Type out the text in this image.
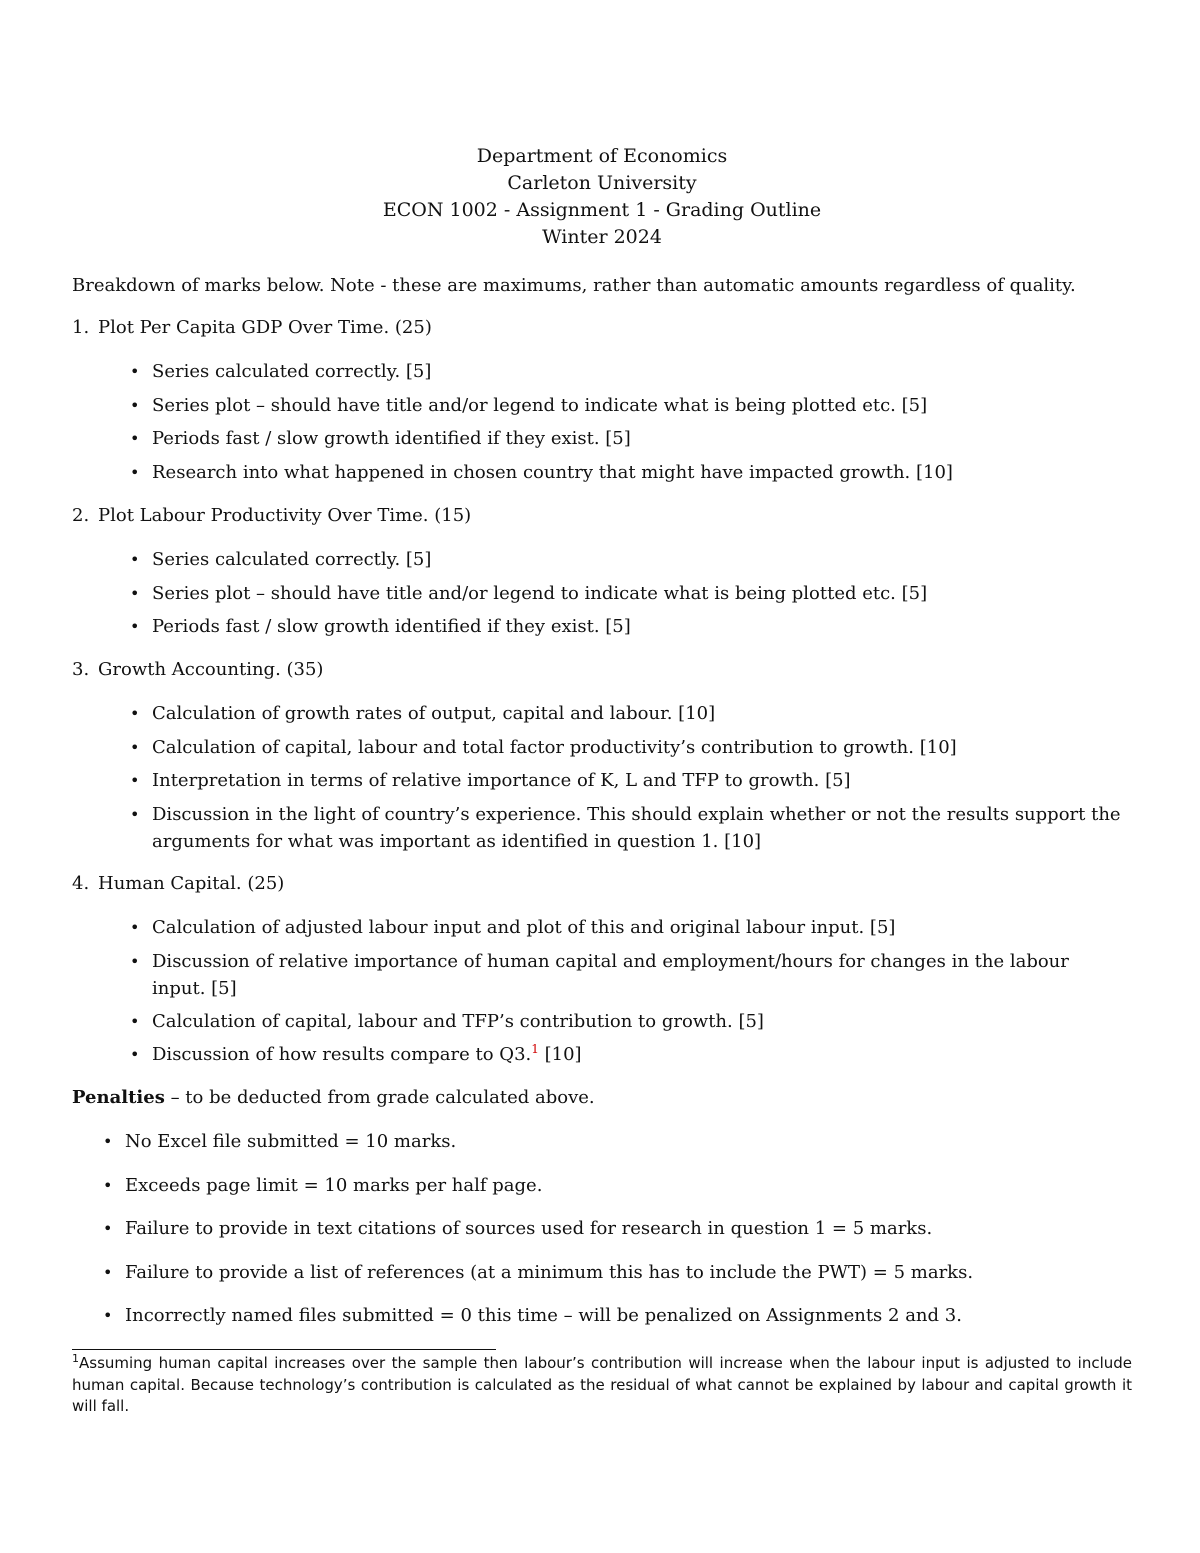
Department of Economics
Carleton University
ECON 1002 - Assignment 1 - Grading Outline
Winter 2024
Breakdown of marks below. Note - these are maximums, rather than automatic amounts regardless of quality.
1. Plot Per Capita GDP Over Time. (25)
• Series calculated correctly. [5]
• Series plot – should have title and/or legend to indicate what is being plotted etc. [5]
• Periods fast / slow growth identified if they exist. [5]
• Research into what happened in chosen country that might have impacted growth. [10]
2. Plot Labour Productivity Over Time. (15)
• Series calculated correctly. [5]
• Series plot – should have title and/or legend to indicate what is being plotted etc. [5]
• Periods fast / slow growth identified if they exist. [5]
3. Growth Accounting. (35)
• Calculation of growth rates of output, capital and labour. [10]
• Calculation of capital, labour and total factor productivity’s contribution to growth. [10]
• Interpretation in terms of relative importance of K, L and TFP to growth. [5]
• Discussion in the light of country’s experience. This should explain whether or not the results support the arguments for what was important as identified in question 1. [10]
4. Human Capital. (25)
• Calculation of adjusted labour input and plot of this and original labour input. [5]
• Discussion of relative importance of human capital and employment/hours for changes in the labour input. [5]
• Calculation of capital, labour and TFP’s contribution to growth. [5]
• Discussion of how results compare to Q3.$^1$ [10]
Penalties – to be deducted from grade calculated above.
• No Excel file submitted = 10 marks.
• Exceeds page limit = 10 marks per half page.
• Failure to provide in text citations of sources used for research in question 1 = 5 marks.
• Failure to provide a list of references (at a minimum this has to include the PWT) = 5 marks.
• Incorrectly named files submitted = 0 this time – will be penalized on Assignments 2 and 3.
$^1$Assuming human capital increases over the sample then labour’s contribution will increase when the labour input is adjusted to include human capital. Because technology’s contribution is calculated as the residual of what cannot be explained by labour and capital growth it will fall.
